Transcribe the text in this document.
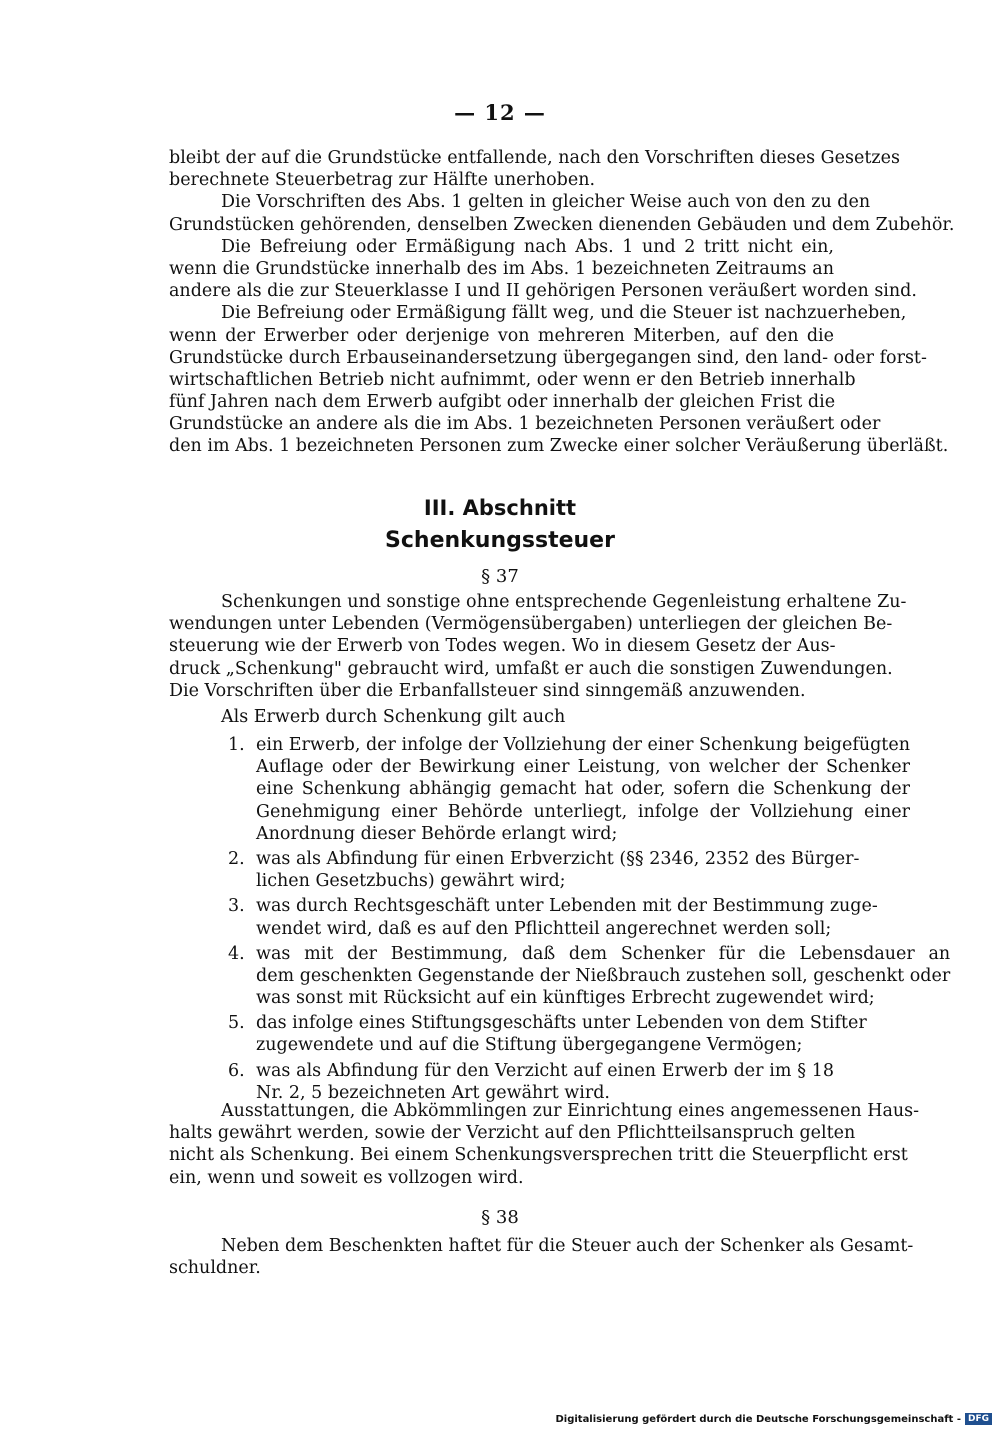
— 12 —
bleibt der auf die Grundstücke entfallende, nach den Vorschriften dieses Gesetzes
berechnete Steuerbetrag zur Hälfte unerhoben.
Die Vorschriften des Abs. 1 gelten in gleicher Weise auch von den zu den
Grundstücken gehörenden, denselben Zwecken dienenden Gebäuden und dem Zubehör.
Die Befreiung oder Ermäßigung nach Abs. 1 und 2 tritt nicht ein,
wenn die Grundstücke innerhalb des im Abs. 1 bezeichneten Zeitraums an
andere als die zur Steuerklasse I und II gehörigen Personen veräußert worden sind.
Die Befreiung oder Ermäßigung fällt weg, und die Steuer ist nachzuerheben,
wenn der Erwerber oder derjenige von mehreren Miterben, auf den die
Grundstücke durch Erbauseinandersetzung übergegangen sind, den land- oder forst-
wirtschaftlichen Betrieb nicht aufnimmt, oder wenn er den Betrieb innerhalb
fünf Jahren nach dem Erwerb aufgibt oder innerhalb der gleichen Frist die
Grundstücke an andere als die im Abs. 1 bezeichneten Personen veräußert oder
den im Abs. 1 bezeichneten Personen zum Zwecke einer solcher Veräußerung überläßt.
III. Abschnitt
Schenkungssteuer
§ 37
Schenkungen und sonstige ohne entsprechende Gegenleistung erhaltene Zu-
wendungen unter Lebenden (Vermögensübergaben) unterliegen der gleichen Be-
steuerung wie der Erwerb von Todes wegen. Wo in diesem Gesetz der Aus-
druck „Schenkung" gebraucht wird, umfaßt er auch die sonstigen Zuwendungen.
Die Vorschriften über die Erbanfallsteuer sind sinngemäß anzuwenden.
Als Erwerb durch Schenkung gilt auch
1. ein Erwerb, der infolge der Vollziehung der einer Schenkung beigefügten
Auflage oder der Bewirkung einer Leistung, von welcher der Schenker
eine Schenkung abhängig gemacht hat oder, sofern die Schenkung der
Genehmigung einer Behörde unterliegt, infolge der Vollziehung einer
Anordnung dieser Behörde erlangt wird;
2. was als Abfindung für einen Erbverzicht (§§ 2346, 2352 des Bürger-
lichen Gesetzbuchs) gewährt wird;
3. was durch Rechtsgeschäft unter Lebenden mit der Bestimmung zuge-
wendet wird, daß es auf den Pflichtteil angerechnet werden soll;
4. was mit der Bestimmung, daß dem Schenker für die Lebensdauer an
dem geschenkten Gegenstande der Nießbrauch zustehen soll, geschenkt oder
was sonst mit Rücksicht auf ein künftiges Erbrecht zugewendet wird;
5. das infolge eines Stiftungsgeschäfts unter Lebenden von dem Stifter
zugewendete und auf die Stiftung übergegangene Vermögen;
6. was als Abfindung für den Verzicht auf einen Erwerb der im § 18
Nr. 2, 5 bezeichneten Art gewährt wird.
Ausstattungen, die Abkömmlingen zur Einrichtung eines angemessenen Haus-
halts gewährt werden, sowie der Verzicht auf den Pflichtteilsanspruch gelten
nicht als Schenkung. Bei einem Schenkungsversprechen tritt die Steuerpflicht erst
ein, wenn und soweit es vollzogen wird.
§ 38
Neben dem Beschenkten haftet für die Steuer auch der Schenker als Gesamt-
schuldner.
Digitalisierung gefördert durch die Deutsche Forschungsgemeinschaft - DFG
